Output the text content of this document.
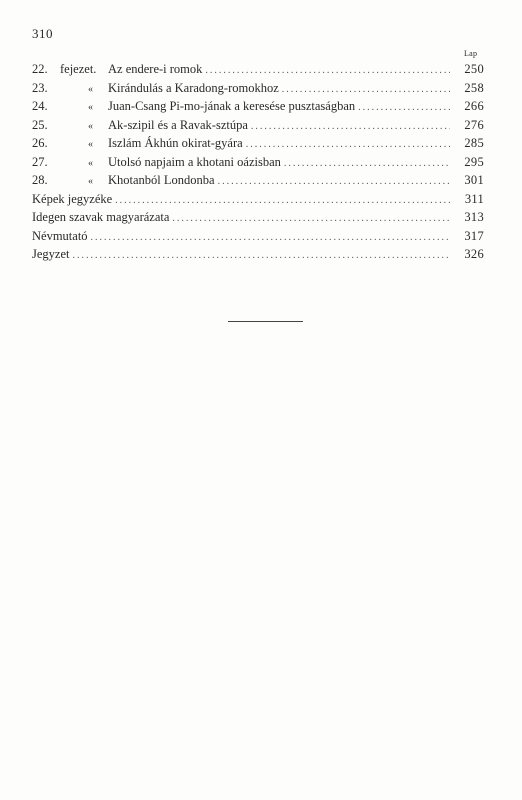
310
Lap
22. fejezet. Az endere-i romok .....	250
23.	«	Kirándulás a Karadong-romokhoz .....	258
24.	«	Juan-Csang Pi-mo-jának a keresése pusztaságban .....	266
25.	«	Ak-szipil és a Ravak-sztúpa .....	276
26.	«	Iszlám Ákhún okirat-gyára .....	285
27.	«	Utolsó napjaim a khotani oázisban .....	295
28.	«	Khotanból Londonba .....	301
Képek jegyzéke .....	311
Idegen szavak magyarázata .....	313
Névmutató .....	317
Jegyzet .....	326
